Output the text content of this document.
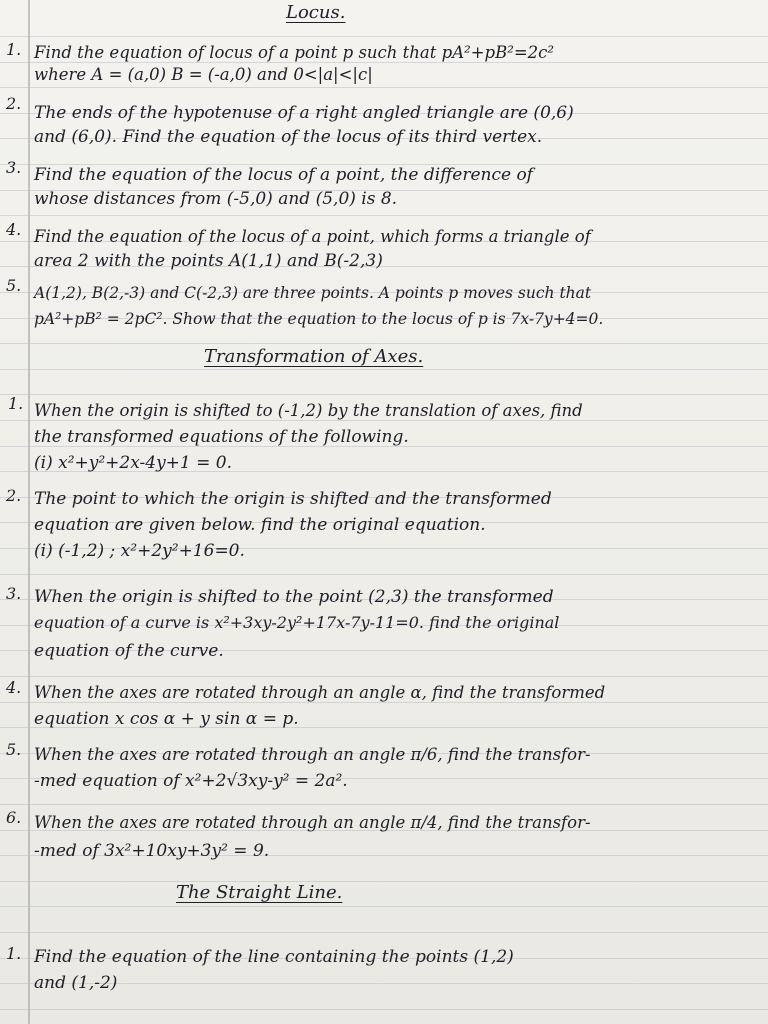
Locus.
1. Find the equation of locus of a point p such that pA²+pB²=2c²
where A = (a,0) B = (-a,0) and 0<|a|<|c|
2. The ends of the hypotenuse of a right angled triangle are (0,6)
and (6,0). Find the equation of the locus of its third vertex.
3. Find the equation of the locus of a point, the difference of
whose distances from (-5,0) and (5,0) is 8.
4. Find the equation of the locus of a point, which forms a triangle of
area 2 with the points A(1,1) and B(-2,3)
5. A(1,2), B(2,-3) and C(-2,3) are three points. A points p moves such that
pA²+pB² = 2pC². Show that the equation to the locus of p is 7x-7y+4=0.
Transformation of Axes.
1. When the origin is shifted to (-1,2) by the translation of axes, find
the transformed equations of the following.
(i) x²+y²+2x-4y+1 = 0.
2. The point to which the origin is shifted and the transformed
equation are given below. find the original equation.
(i) (-1,2) ; x²+2y²+16=0.
3. When the origin is shifted to the point (2,3) the transformed
equation of a curve is x²+3xy-2y²+17x-7y-11=0. find the original
equation of the curve.
4. When the axes are rotated through an angle α, find the transformed
equation x cos α + y sin α = p.
5. When the axes are rotated through an angle π/6, find the transfor-
-med equation of x²+2√3xy-y² = 2a².
6. When the axes are rotated through an angle π/4, find the transfor-
-med of 3x²+10xy+3y² = 9.
The Straight Line.
1. Find the equation of the line containing the points (1,2)
and (1,-2)
